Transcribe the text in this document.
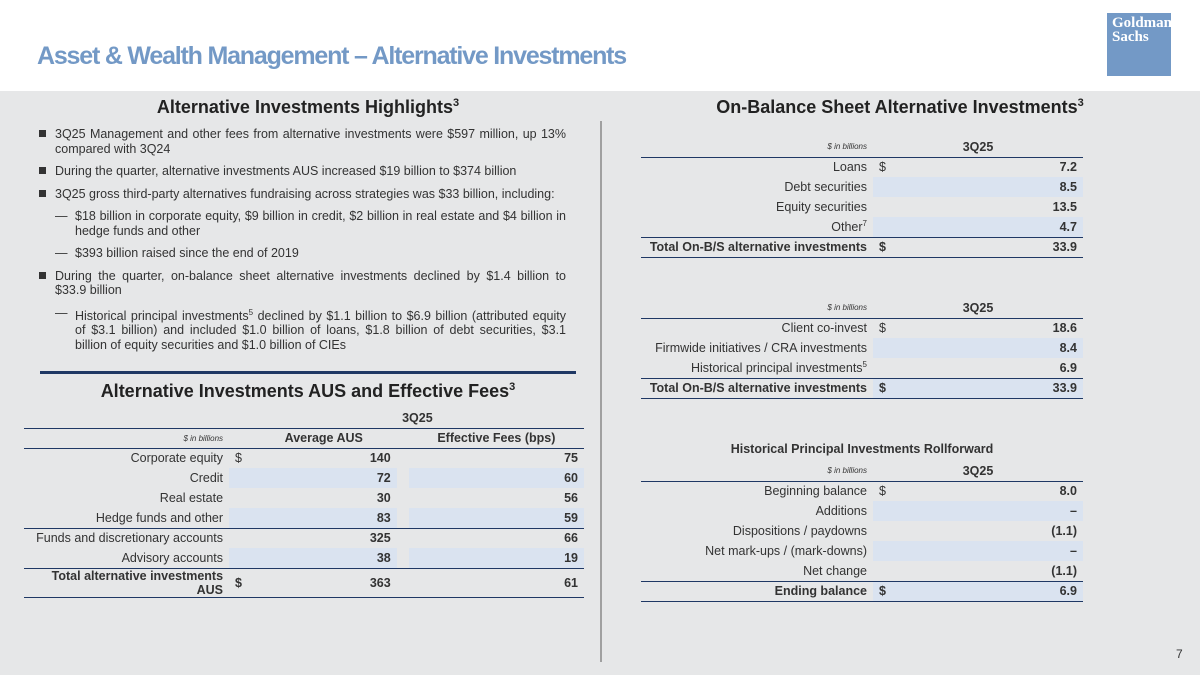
Asset & Wealth Management – Alternative Investments
Goldman
Sachs
Alternative Investments Highlights$^3$
3Q25 Management and other fees from alternative investments were $597 million, up 13% compared with 3Q24
During the quarter, alternative investments AUS increased $19 billion to $374 billion
3Q25 gross third-party alternatives fundraising across strategies was $33 billion, including:
— $18 billion in corporate equity, $9 billion in credit, $2 billion in real estate and $4 billion in hedge funds and other
— $393 billion raised since the end of 2019
During the quarter, on-balance sheet alternative investments declined by $1.4 billion to $33.9 billion
— Historical principal investments$^5$ declined by $1.1 billion to $6.9 billion (attributed equity of $3.1 billion) and included $1.0 billion of loans, $1.8 billion of debt securities, $3.1 billion of equity securities and $1.0 billion of CIEs
Alternative Investments AUS and Effective Fees$^3$
		3Q25		
$ in billions		Average AUS		Effective Fees (bps)
Corporate equity	$	140		75
Credit		72		60
Real estate		30		56
Hedge funds and other		83		59
Funds and discretionary accounts		325		66
Advisory accounts		38		19
Total alternative investments AUS	$	363		61
On-Balance Sheet Alternative Investments$^3$
$ in billions	3Q25	
Loans	$	7.2
Debt securities		8.5
Equity securities		13.5
Other$^7$		4.7
Total On-B/S alternative investments	$	33.9
$ in billions	3Q25	
Client co-invest	$	18.6
Firmwide initiatives / CRA investments		8.4
Historical principal investments$^5$		6.9
Total On-B/S alternative investments	$	33.9
Historical Principal Investments Rollforward
$ in billions	3Q25	
Beginning balance	$	8.0
Additions		–
Dispositions / paydowns		(1.1)
Net mark-ups / (mark-downs)		–
Net change		(1.1)
Ending balance	$	6.9
7
